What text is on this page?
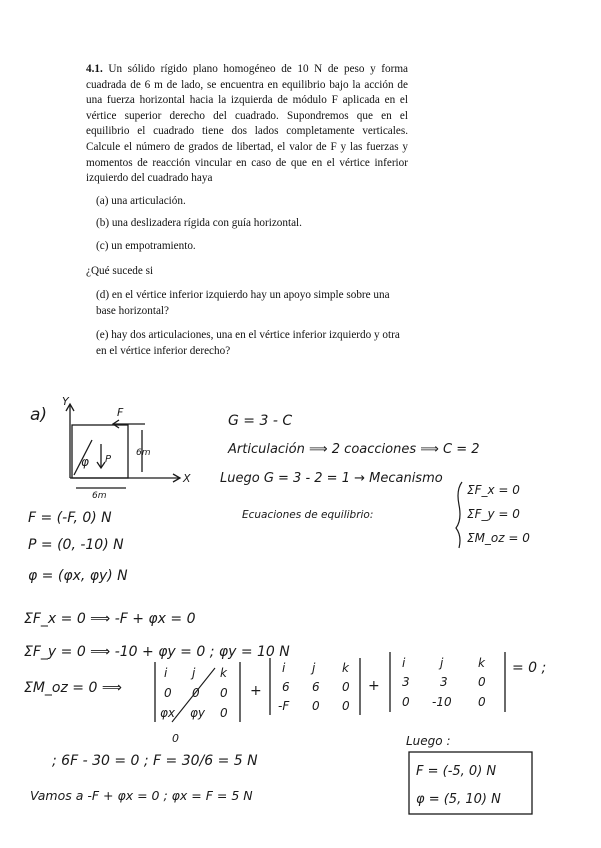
4.1. Un sólido rígido plano homogéneo de 10 N de peso y forma cuadrada de 6 m de lado, se encuentra en equilibrio bajo la acción de una fuerza horizontal hacia la izquierda de módulo F aplicada en el vértice superior derecho del cuadrado. Supondremos que en el equilibrio el cuadrado tiene dos lados completamente verticales. Calcule el número de grados de libertad, el valor de F y las fuerzas y momentos de reacción vincular en caso de que en el vértice inferior izquierdo del cuadrado haya

(a) una articulación.
(b) una deslizadera rígida con guía horizontal.
(c) un empotramiento.
¿Qué sucede si
(d) en el vértice inferior izquierdo hay un apoyo simple sobre una base horizontal?
(e) hay dos articulaciones, una en el vértice inferior izquierdo y otra en el vértice inferior derecho?
a)
Y
X
F
P
φ
6m
6m
G = 3 - C
Articulación ⟹ 2 coacciones ⟹ C = 2
Luego G = 3 - 2 = 1 → Mecanismo
Ecuaciones de equilibrio:
ΣF_x = 0
ΣF_y = 0
ΣM_oz = 0
F = (-F, 0) N
P = (0, -10) N
φ = (φx, φy) N
ΣF_x = 0 ⟹ -F + φx = 0
ΣF_y = 0 ⟹ -10 + φy = 0 ; φy = 10 N
ΣM_oz = 0 ⟹
i j k
0 0 0
φx φy 0
+
i j k
6 6 0
-F 0 0
+
i	j	k
3	3	0
0 -10 0
= 0 ;
0
; 6F - 30 = 0 ; F = 30/6 = 5 N
Vamos a -F + φx = 0 ; φx = F = 5 N
Luego :
F = (-5, 0) N
φ = (5, 10) N
